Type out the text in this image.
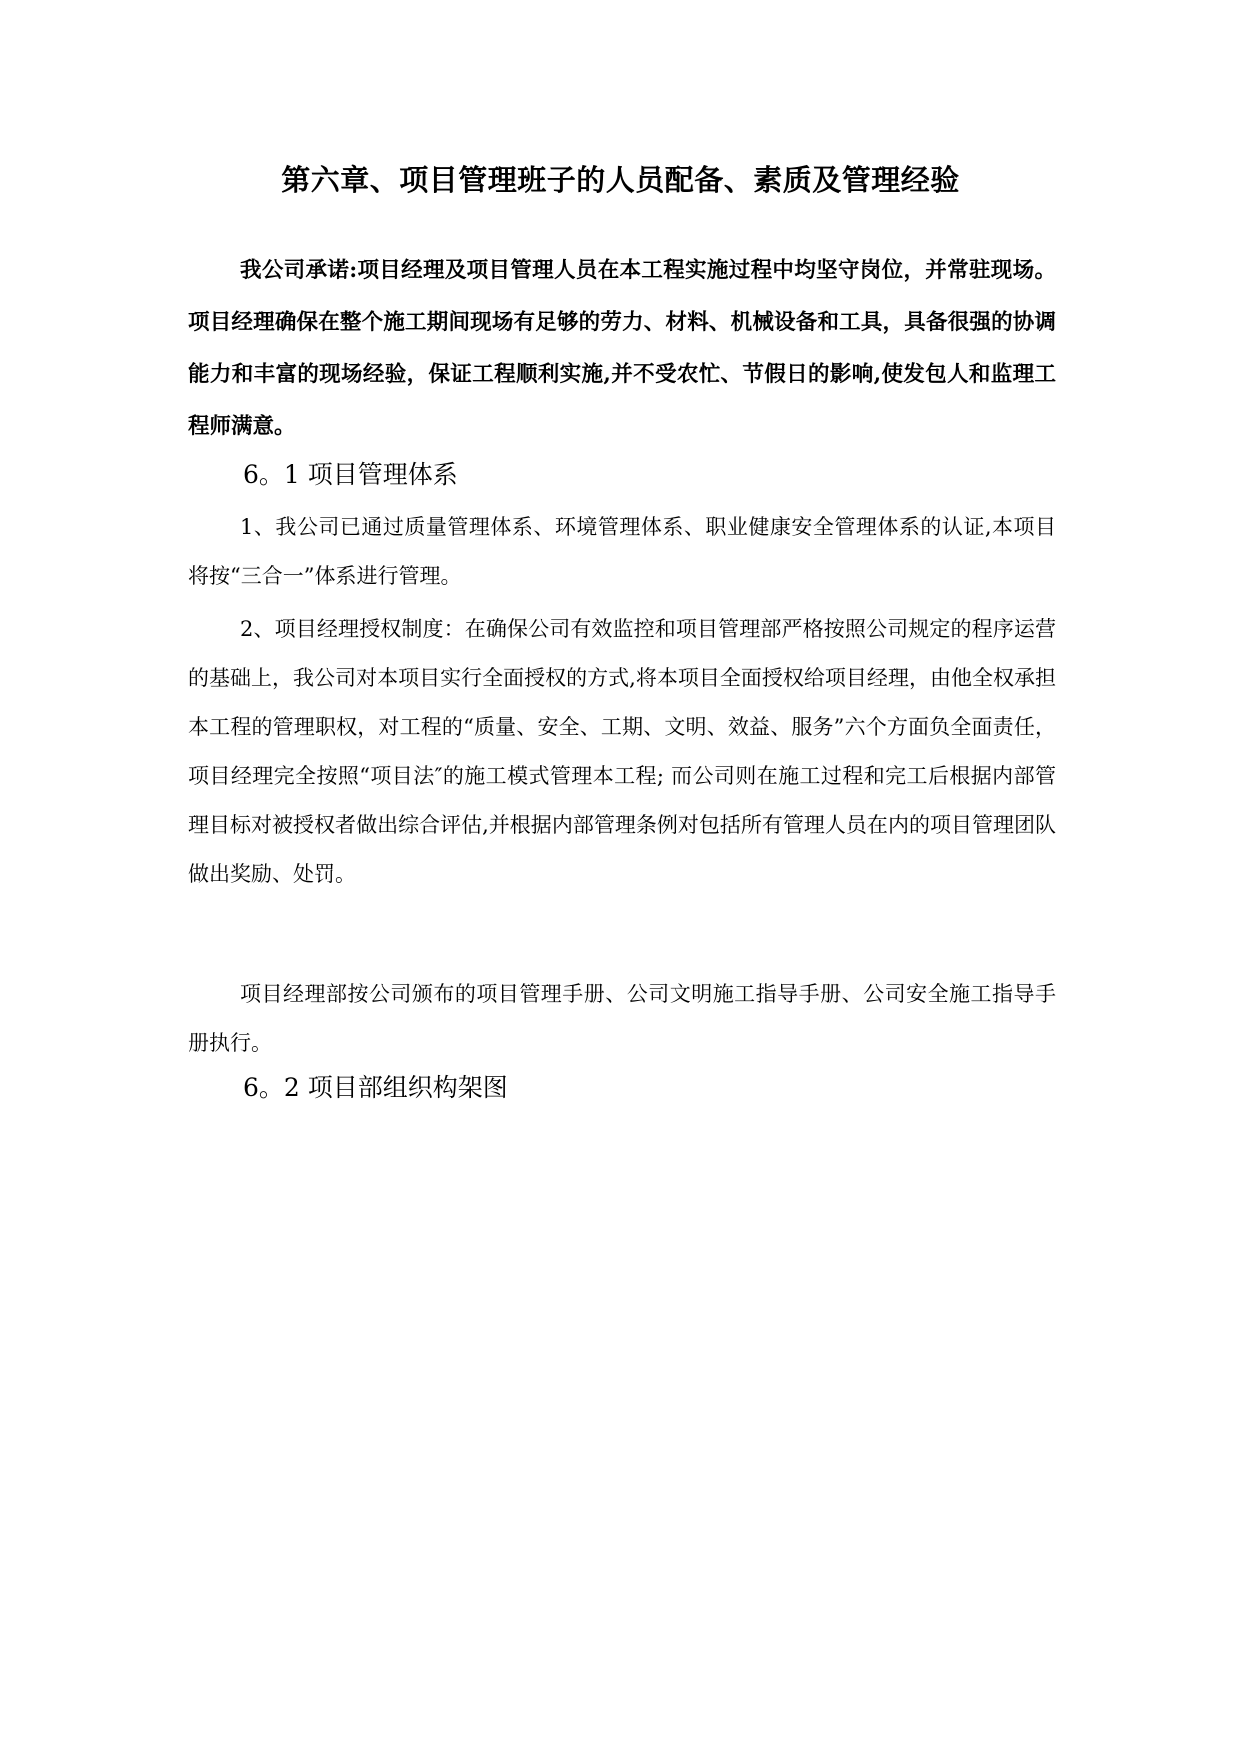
第六章、项目管理班子的人员配备、素质及管理经验

我公司承诺:项目经理及项目管理人员在本工程实施过程中均坚守岗位，并常驻现场。项目经理确保在整个施工期间现场有足够的劳力、材料、机械设备和工具，具备很强的协调能力和丰富的现场经验，保证工程顺利实施,并不受农忙、节假日的影响,使发包人和监理工程师满意。

6。1 项目管理体系

1、我公司已通过质量管理体系、环境管理体系、职业健康安全管理体系的认证,本项目将按“三合一”体系进行管理。

2、项目经理授权制度：在确保公司有效监控和项目管理部严格按照公司规定的程序运营的基础上，我公司对本项目实行全面授权的方式,将本项目全面授权给项目经理，由他全权承担本工程的管理职权，对工程的“质量、安全、工期、文明、效益、服务”六个方面负全面责任，项目经理完全按照“项目法″的施工模式管理本工程; 而公司则在施工过程和完工后根据内部管理目标对被授权者做出综合评估,并根据内部管理条例对包括所有管理人员在内的项目管理团队做出奖励、处罚。

项目经理部按公司颁布的项目管理手册、公司文明施工指导手册、公司安全施工指导手册执行。

6。2 项目部组织构架图
